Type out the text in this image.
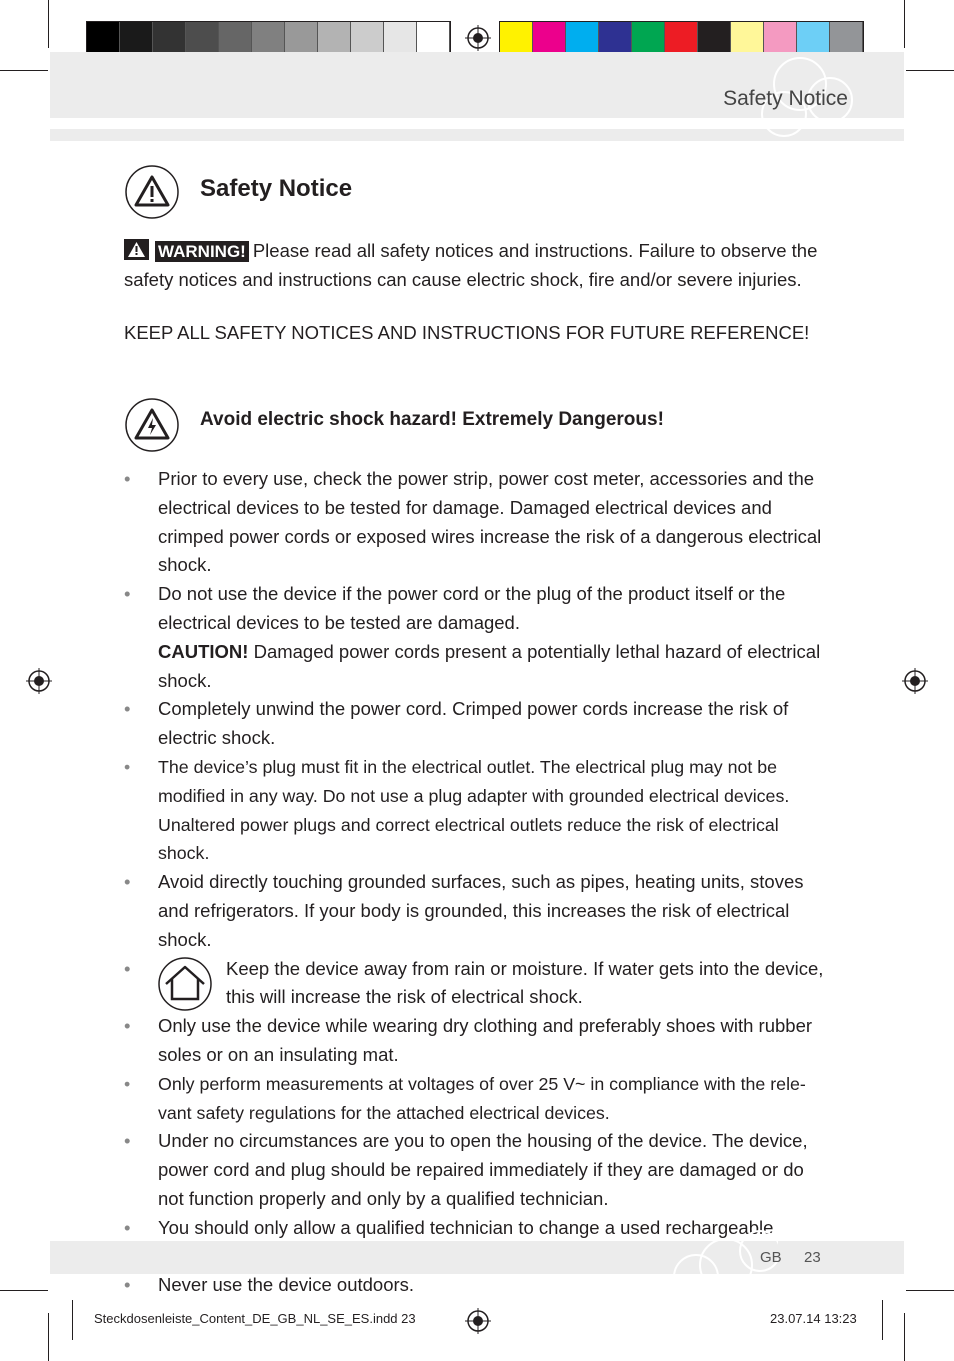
Safety Notice
Safety Notice
WARNING! Please read all safety notices and instructions. Failure to observe the safety notices and instructions can cause electric shock, fire and/or severe injuries.
KEEP ALL SAFETY NOTICES AND INSTRUCTIONS FOR FUTURE REFERENCE!
Avoid electric shock hazard! Extremely Dangerous!
• Prior to every use, check the power strip, power cost meter, accessories and the electrical devices to be tested for damage. Damaged electrical devices and crimped power cords or exposed wires increase the risk of a dangerous electrical shock.
• Do not use the device if the power cord or the plug of the product itself or the electrical devices to be tested are damaged.
CAUTION! Damaged power cords present a potentially lethal hazard of electrical shock.
• Completely unwind the power cord. Crimped power cords increase the risk of electric shock.
• The device’s plug must fit in the electrical outlet. The electrical plug may not be modified in any way. Do not use a plug adapter with grounded electrical devices. Unaltered power plugs and correct electrical outlets reduce the risk of electrical shock.
• Avoid directly touching grounded surfaces, such as pipes, heating units, stoves and refrigerators. If your body is grounded, this increases the risk of electrical shock.
• Keep the device away from rain or moisture. If water gets into the device, this will increase the risk of electrical shock.
• Only use the device while wearing dry clothing and preferably shoes with rubber soles or on an insulating mat.
• Only perform measurements at voltages of over 25 V~ in compliance with the rele-vant safety regulations for the attached electrical devices.
• Under no circumstances are you to open the housing of the device. The device, power cord and plug should be repaired immediately if they are damaged or do not function properly and only by a qualified technician.
• You should only allow a qualified technician to change a used rechargeable
• Never use the device outdoors.
GB 23
Steckdosenleiste_Content_DE_GB_NL_SE_ES.indd 23	23.07.14 13:23
